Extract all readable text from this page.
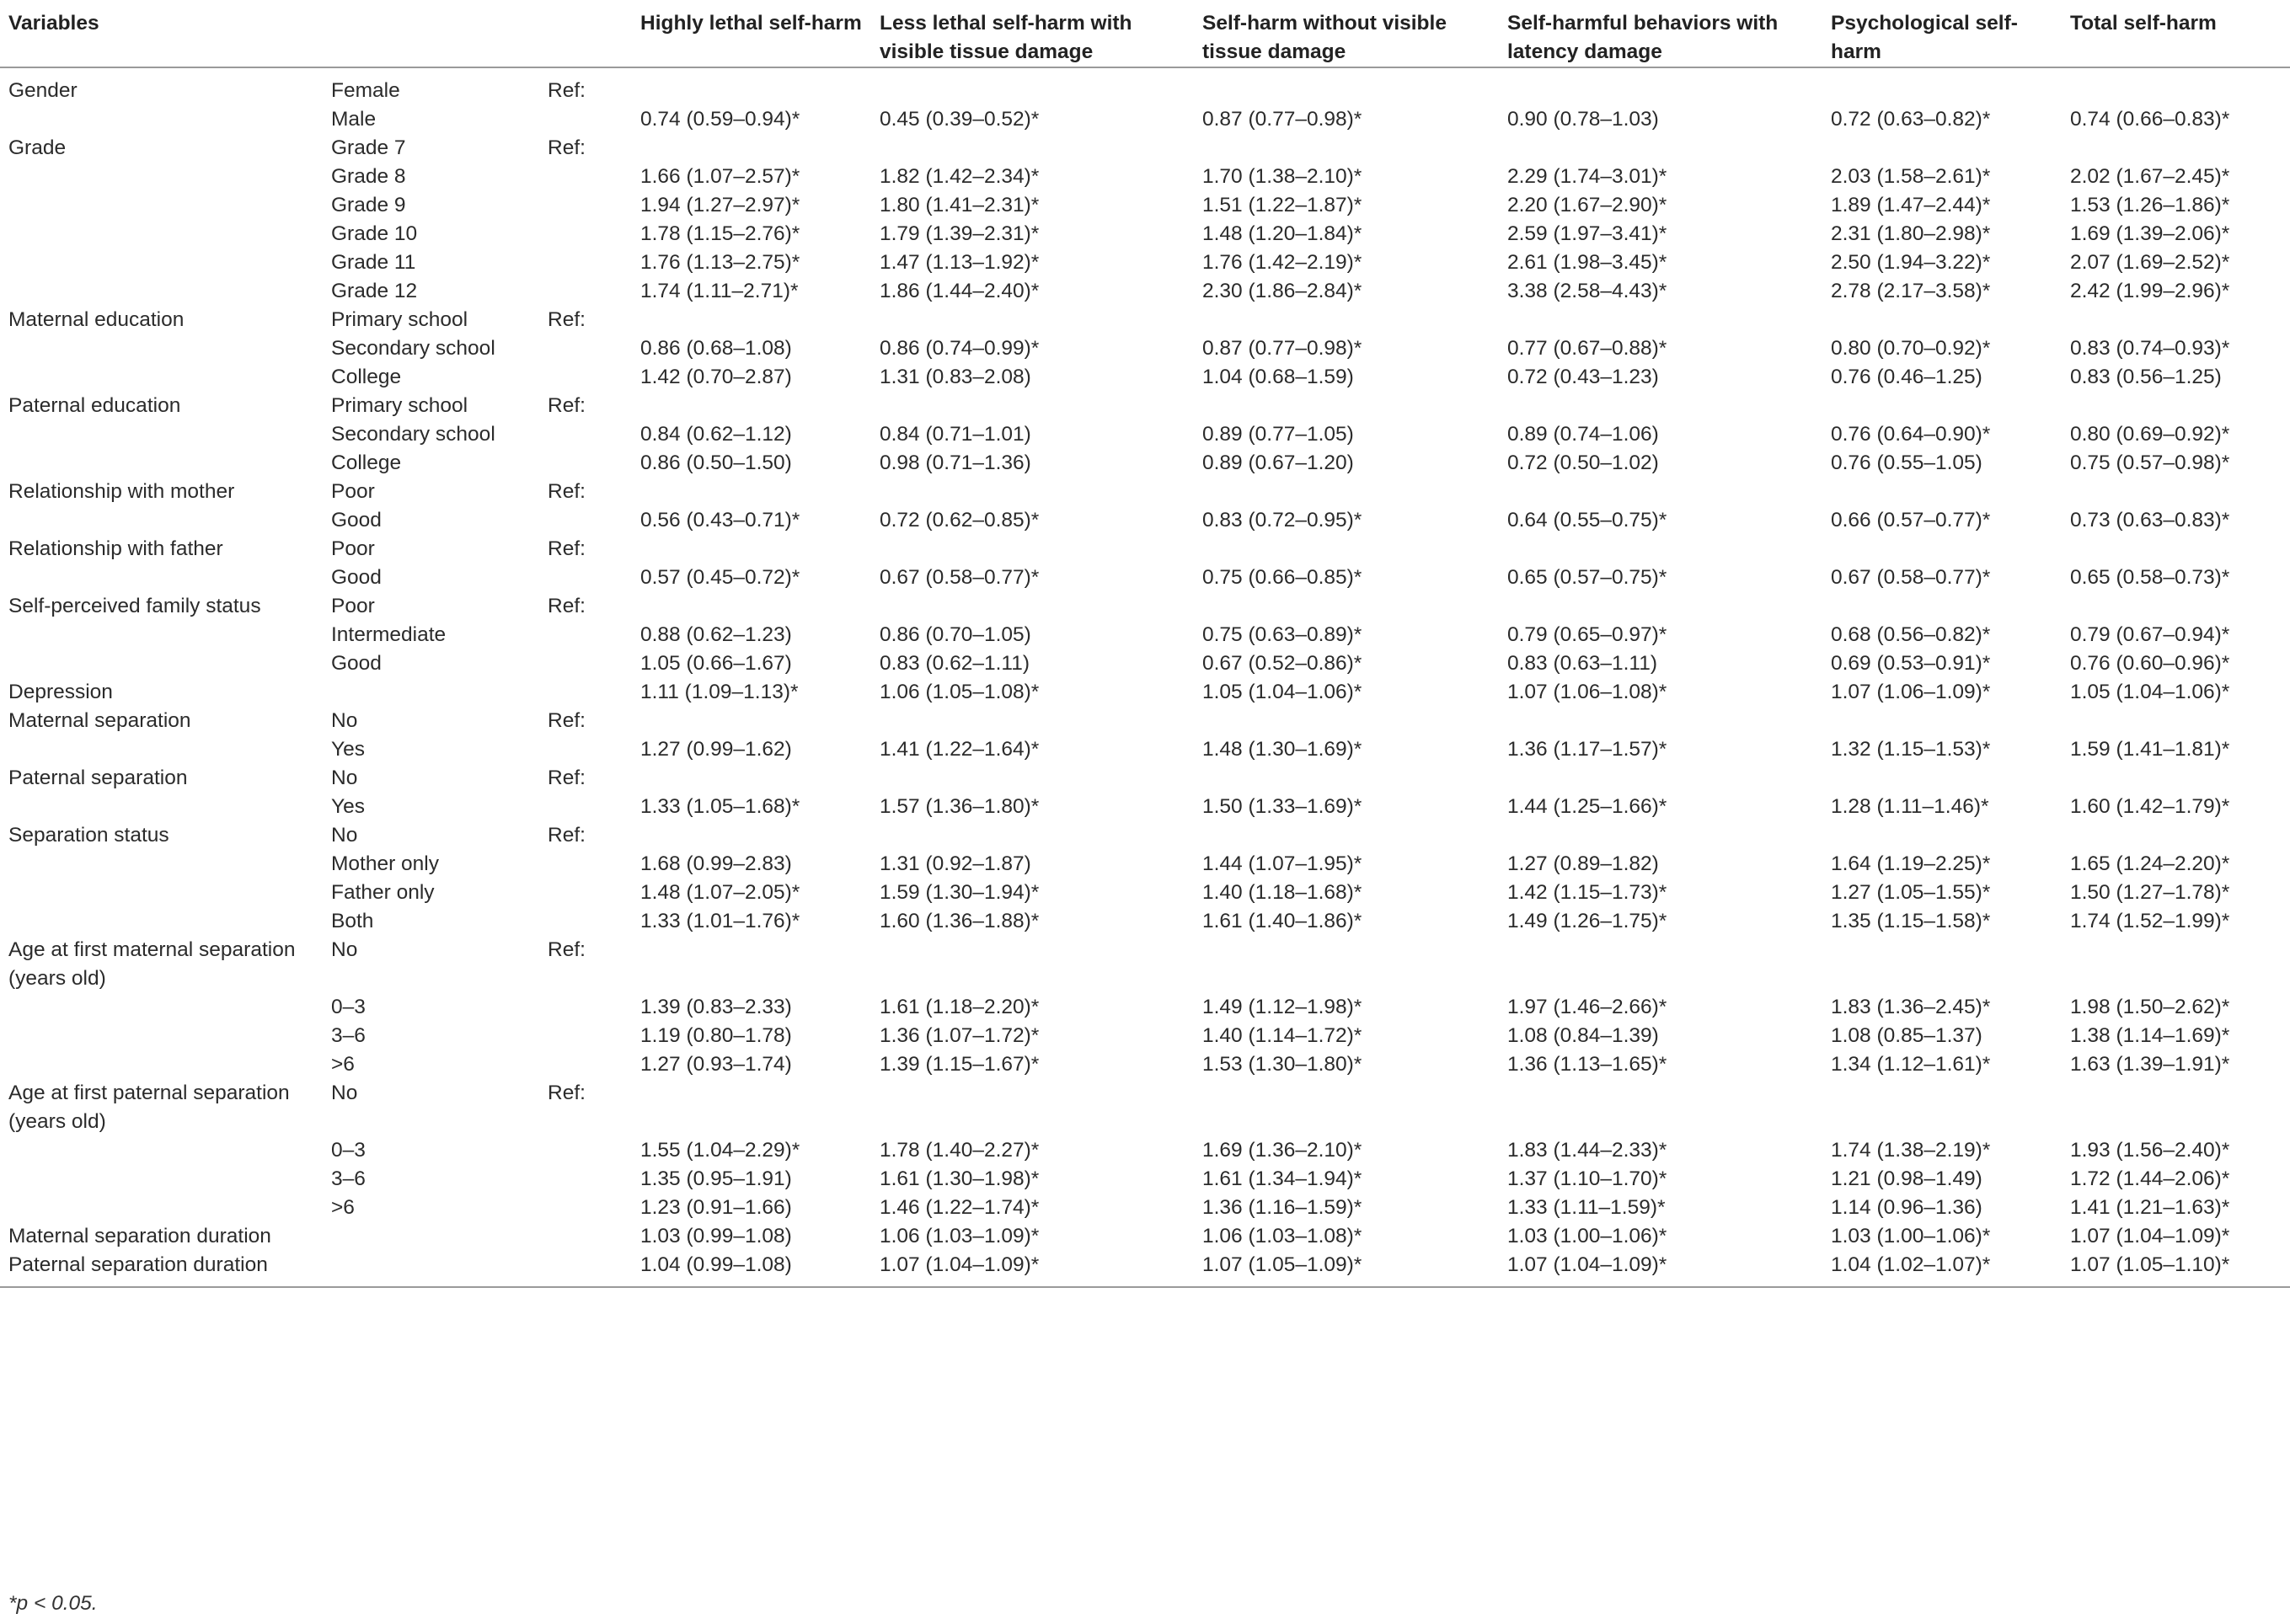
Variables			Highly lethal self-harm	Less lethal self-harm with visible tissue damage	Self-harm without visible tissue damage	Self-harmful behaviors with latency damage	Psychological self-harm	Total self-harm
Gender	Female	Ref:						
	Male		0.74 (0.59–0.94)*	0.45 (0.39–0.52)*	0.87 (0.77–0.98)*	0.90 (0.78–1.03)	0.72 (0.63–0.82)*	0.74 (0.66–0.83)*
Grade	Grade 7	Ref:						
	Grade 8		1.66 (1.07–2.57)*	1.82 (1.42–2.34)*	1.70 (1.38–2.10)*	2.29 (1.74–3.01)*	2.03 (1.58–2.61)*	2.02 (1.67–2.45)*
	Grade 9		1.94 (1.27–2.97)*	1.80 (1.41–2.31)*	1.51 (1.22–1.87)*	2.20 (1.67–2.90)*	1.89 (1.47–2.44)*	1.53 (1.26–1.86)*
	Grade 10		1.78 (1.15–2.76)*	1.79 (1.39–2.31)*	1.48 (1.20–1.84)*	2.59 (1.97–3.41)*	2.31 (1.80–2.98)*	1.69 (1.39–2.06)*
	Grade 11		1.76 (1.13–2.75)*	1.47 (1.13–1.92)*	1.76 (1.42–2.19)*	2.61 (1.98–3.45)*	2.50 (1.94–3.22)*	2.07 (1.69–2.52)*
	Grade 12		1.74 (1.11–2.71)*	1.86 (1.44–2.40)*	2.30 (1.86–2.84)*	3.38 (2.58–4.43)*	2.78 (2.17–3.58)*	2.42 (1.99–2.96)*
Maternal education	Primary school	Ref:						
	Secondary school		0.86 (0.68–1.08)	0.86 (0.74–0.99)*	0.87 (0.77–0.98)*	0.77 (0.67–0.88)*	0.80 (0.70–0.92)*	0.83 (0.74–0.93)*
	College		1.42 (0.70–2.87)	1.31 (0.83–2.08)	1.04 (0.68–1.59)	0.72 (0.43–1.23)	0.76 (0.46–1.25)	0.83 (0.56–1.25)
Paternal education	Primary school	Ref:						
	Secondary school		0.84 (0.62–1.12)	0.84 (0.71–1.01)	0.89 (0.77–1.05)	0.89 (0.74–1.06)	0.76 (0.64–0.90)*	0.80 (0.69–0.92)*
	College		0.86 (0.50–1.50)	0.98 (0.71–1.36)	0.89 (0.67–1.20)	0.72 (0.50–1.02)	0.76 (0.55–1.05)	0.75 (0.57–0.98)*
Relationship with mother	Poor	Ref:						
	Good		0.56 (0.43–0.71)*	0.72 (0.62–0.85)*	0.83 (0.72–0.95)*	0.64 (0.55–0.75)*	0.66 (0.57–0.77)*	0.73 (0.63–0.83)*
Relationship with father	Poor	Ref:						
	Good		0.57 (0.45–0.72)*	0.67 (0.58–0.77)*	0.75 (0.66–0.85)*	0.65 (0.57–0.75)*	0.67 (0.58–0.77)*	0.65 (0.58–0.73)*
Self-perceived family status	Poor	Ref:						
	Intermediate		0.88 (0.62–1.23)	0.86 (0.70–1.05)	0.75 (0.63–0.89)*	0.79 (0.65–0.97)*	0.68 (0.56–0.82)*	0.79 (0.67–0.94)*
	Good		1.05 (0.66–1.67)	0.83 (0.62–1.11)	0.67 (0.52–0.86)*	0.83 (0.63–1.11)	0.69 (0.53–0.91)*	0.76 (0.60–0.96)*
Depression			1.11 (1.09–1.13)*	1.06 (1.05–1.08)*	1.05 (1.04–1.06)*	1.07 (1.06–1.08)*	1.07 (1.06–1.09)*	1.05 (1.04–1.06)*
Maternal separation	No	Ref:						
	Yes		1.27 (0.99–1.62)	1.41 (1.22–1.64)*	1.48 (1.30–1.69)*	1.36 (1.17–1.57)*	1.32 (1.15–1.53)*	1.59 (1.41–1.81)*
Paternal separation	No	Ref:						
	Yes		1.33 (1.05–1.68)*	1.57 (1.36–1.80)*	1.50 (1.33–1.69)*	1.44 (1.25–1.66)*	1.28 (1.11–1.46)*	1.60 (1.42–1.79)*
Separation status	No	Ref:						
	Mother only		1.68 (0.99–2.83)	1.31 (0.92–1.87)	1.44 (1.07–1.95)*	1.27 (0.89–1.82)	1.64 (1.19–2.25)*	1.65 (1.24–2.20)*
	Father only		1.48 (1.07–2.05)*	1.59 (1.30–1.94)*	1.40 (1.18–1.68)*	1.42 (1.15–1.73)*	1.27 (1.05–1.55)*	1.50 (1.27–1.78)*
	Both		1.33 (1.01–1.76)*	1.60 (1.36–1.88)*	1.61 (1.40–1.86)*	1.49 (1.26–1.75)*	1.35 (1.15–1.58)*	1.74 (1.52–1.99)*
Age at first maternal separation (years old)	No	Ref:						
	0–3		1.39 (0.83–2.33)	1.61 (1.18–2.20)*	1.49 (1.12–1.98)*	1.97 (1.46–2.66)*	1.83 (1.36–2.45)*	1.98 (1.50–2.62)*
	3–6		1.19 (0.80–1.78)	1.36 (1.07–1.72)*	1.40 (1.14–1.72)*	1.08 (0.84–1.39)	1.08 (0.85–1.37)	1.38 (1.14–1.69)*
	>6		1.27 (0.93–1.74)	1.39 (1.15–1.67)*	1.53 (1.30–1.80)*	1.36 (1.13–1.65)*	1.34 (1.12–1.61)*	1.63 (1.39–1.91)*
Age at first paternal separation (years old)	No	Ref:						
	0–3		1.55 (1.04–2.29)*	1.78 (1.40–2.27)*	1.69 (1.36–2.10)*	1.83 (1.44–2.33)*	1.74 (1.38–2.19)*	1.93 (1.56–2.40)*
	3–6		1.35 (0.95–1.91)	1.61 (1.30–1.98)*	1.61 (1.34–1.94)*	1.37 (1.10–1.70)*	1.21 (0.98–1.49)	1.72 (1.44–2.06)*
	>6		1.23 (0.91–1.66)	1.46 (1.22–1.74)*	1.36 (1.16–1.59)*	1.33 (1.11–1.59)*	1.14 (0.96–1.36)	1.41 (1.21–1.63)*
Maternal separation duration			1.03 (0.99–1.08)	1.06 (1.03–1.09)*	1.06 (1.03–1.08)*	1.03 (1.00–1.06)*	1.03 (1.00–1.06)*	1.07 (1.04–1.09)*
Paternal separation duration			1.04 (0.99–1.08)	1.07 (1.04–1.09)*	1.07 (1.05–1.09)*	1.07 (1.04–1.09)*	1.04 (1.02–1.07)*	1.07 (1.05–1.10)*
*p < 0.05.
